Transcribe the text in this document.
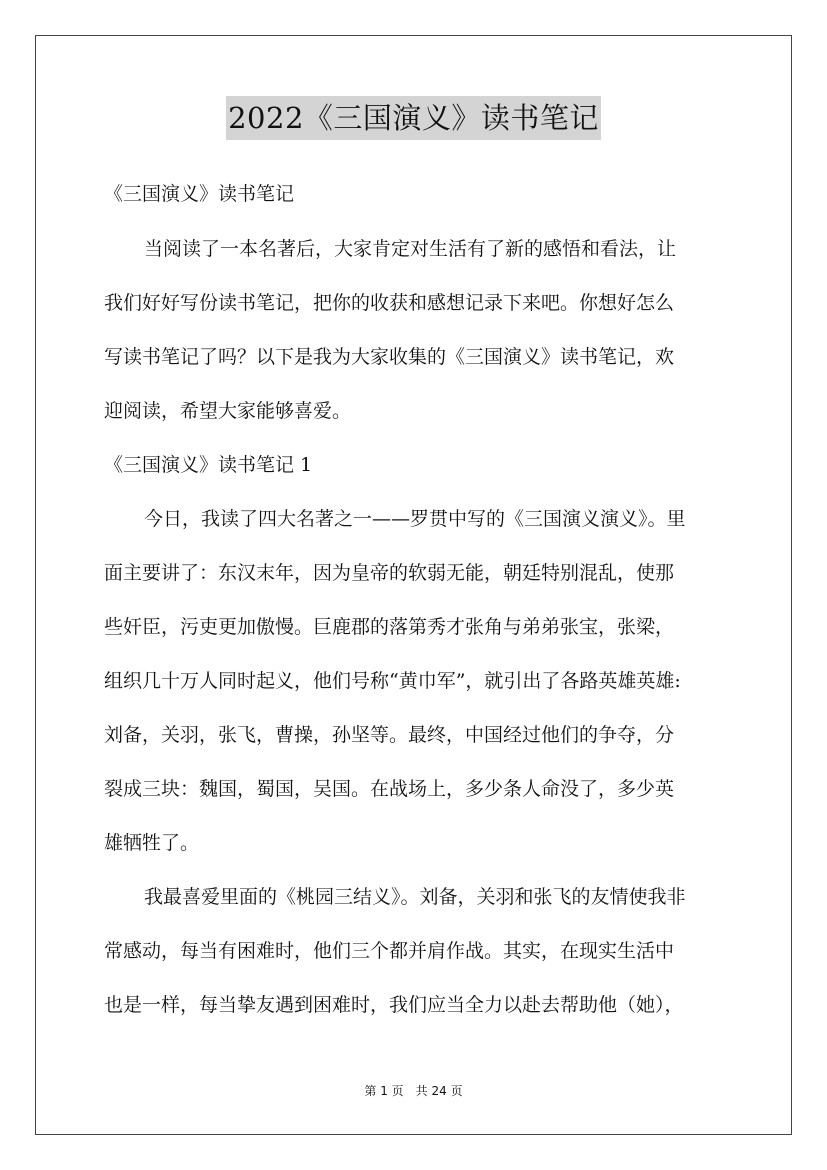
2022《三国演义》读书笔记
《三国演义》读书笔记
当阅读了一本名著后，大家肯定对生活有了新的感悟和看法，让
我们好好写份读书笔记，把你的收获和感想记录下来吧。你想好怎么
写读书笔记了吗？以下是我为大家收集的《三国演义》读书笔记，欢
迎阅读，希望大家能够喜爱。
《三国演义》读书笔记 1
今日，我读了四大名著之一——罗贯中写的《三国演义演义》。里
面主要讲了：东汉末年，因为皇帝的软弱无能，朝廷特别混乱，使那
些奸臣，污吏更加傲慢。巨鹿郡的落第秀才张角与弟弟张宝，张梁，
组织几十万人同时起义，他们号称“黄巾军”，就引出了各路英雄英雄:
刘备，关羽，张飞，曹操，孙坚等。最终，中国经过他们的争夺，分
裂成三块：魏国，蜀国，吴国。在战场上，多少条人命没了，多少英
雄牺牲了。
我最喜爱里面的《桃园三结义》。刘备，关羽和张飞的友情使我非
常感动，每当有困难时，他们三个都并肩作战。其实，在现实生活中
也是一样，每当挚友遇到困难时，我们应当全力以赴去帮助他（她），
第 1 页　共 24 页
